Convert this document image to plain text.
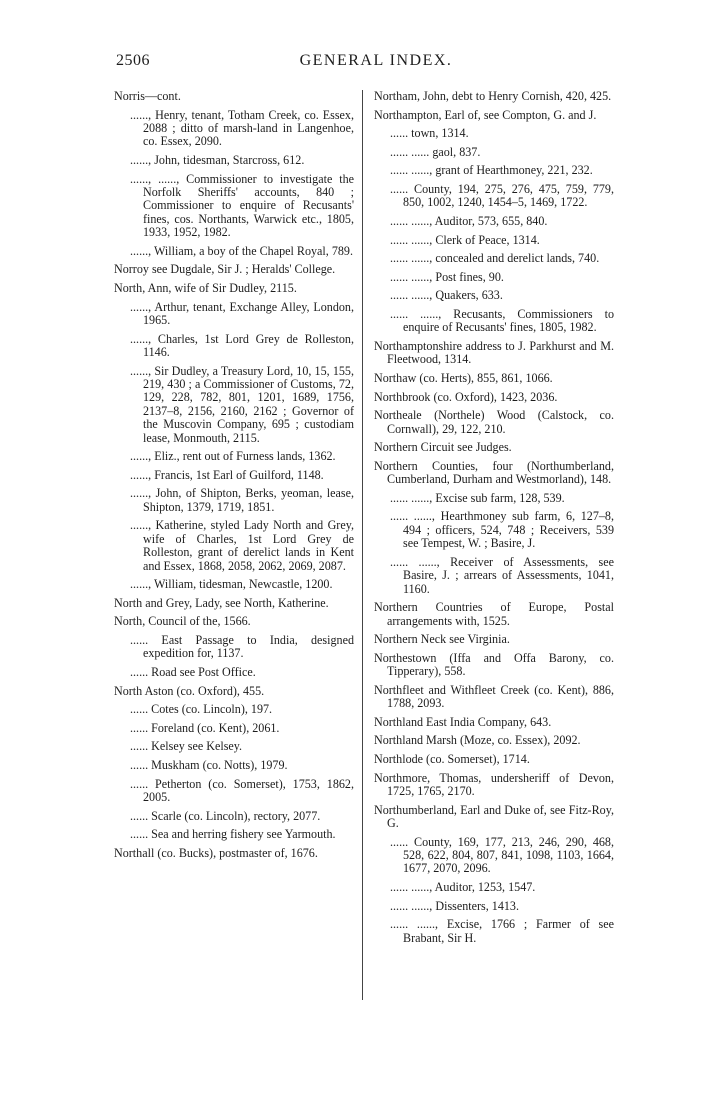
2506	GENERAL INDEX.

Norris—cont.

......, Henry, tenant, Totham Creek, co. Essex, 2088 ; ditto of marsh-land in Langenhoe, co. Essex, 2090.

......, John, tidesman, Starcross, 612.

......, ......, Commissioner to investigate the Norfolk Sheriffs' accounts, 840 ; Commissioner to enquire of Recusants' fines, cos. Northants, Warwick etc., 1805, 1933, 1952, 1982.

......, William, a boy of the Chapel Royal, 789.

Norroy see Dugdale, Sir J. ; Heralds' College.

North, Ann, wife of Sir Dudley, 2115.

......, Arthur, tenant, Exchange Alley, London, 1965.

......, Charles, 1st Lord Grey de Rolleston, 1146.

......, Sir Dudley, a Treasury Lord, 10, 15, 155, 219, 430 ; a Commissioner of Customs, 72, 129, 228, 782, 801, 1201, 1689, 1756, 2137–8, 2156, 2160, 2162 ; Governor of the Muscovin Company, 695 ; custodiam lease, Monmouth, 2115.

......, Eliz., rent out of Furness lands, 1362.

......, Francis, 1st Earl of Guilford, 1148.

......, John, of Shipton, Berks, yeoman, lease, Shipton, 1379, 1719, 1851.

......, Katherine, styled Lady North and Grey, wife of Charles, 1st Lord Grey de Rolleston, grant of derelict lands in Kent and Essex, 1868, 2058, 2062, 2069, 2087.

......, William, tidesman, Newcastle, 1200.

North and Grey, Lady, see North, Katherine.

North, Council of the, 1566.

...... East Passage to India, designed expedition for, 1137.

...... Road see Post Office.

North Aston (co. Oxford), 455.

...... Cotes (co. Lincoln), 197.

...... Foreland (co. Kent), 2061.

...... Kelsey see Kelsey.

...... Muskham (co. Notts), 1979.

...... Petherton (co. Somerset), 1753, 1862, 2005.

...... Scarle (co. Lincoln), rectory, 2077.

...... Sea and herring fishery see Yarmouth.

Northall (co. Bucks), postmaster of, 1676.

Northam, John, debt to Henry Cornish, 420, 425.

Northampton, Earl of, see Compton, G. and J.

...... town, 1314.

...... ...... gaol, 837.

...... ......, grant of Hearthmoney, 221, 232.

...... County, 194, 275, 276, 475, 759, 779, 850, 1002, 1240, 1454–5, 1469, 1722.

...... ......, Auditor, 573, 655, 840.

...... ......, Clerk of Peace, 1314.

...... ......, concealed and derelict lands, 740.

...... ......, Post fines, 90.

...... ......, Quakers, 633.

...... ......, Recusants, Commissioners to enquire of Recusants' fines, 1805, 1982.

Northamptonshire address to J. Parkhurst and M. Fleetwood, 1314.

Northaw (co. Herts), 855, 861, 1066.

Northbrook (co. Oxford), 1423, 2036.

Northeale (Northele) Wood (Calstock, co. Cornwall), 29, 122, 210.

Northern Circuit see Judges.

Northern Counties, four (Northumberland, Cumberland, Durham and Westmorland), 148.

...... ......, Excise sub farm, 128, 539.

...... ......, Hearthmoney sub farm, 6, 127–8, 494 ; officers, 524, 748 ; Receivers, 539 see Tempest, W. ; Basire, J.

...... ......, Receiver of Assessments, see Basire, J. ; arrears of Assessments, 1041, 1160.

Northern Countries of Europe, Postal arrangements with, 1525.

Northern Neck see Virginia.

Northestown (Iffa and Offa Barony, co. Tipperary), 558.

Northfleet and Withfleet Creek (co. Kent), 886, 1788, 2093.

Northland East India Company, 643.

Northland Marsh (Moze, co. Essex), 2092.

Northlode (co. Somerset), 1714.

Northmore, Thomas, undersheriff of Devon, 1725, 1765, 2170.

Northumberland, Earl and Duke of, see Fitz-Roy, G.

...... County, 169, 177, 213, 246, 290, 468, 528, 622, 804, 807, 841, 1098, 1103, 1664, 1677, 2070, 2096.

...... ......, Auditor, 1253, 1547.

...... ......, Dissenters, 1413.

...... ......, Excise, 1766 ; Farmer of see Brabant, Sir H.
